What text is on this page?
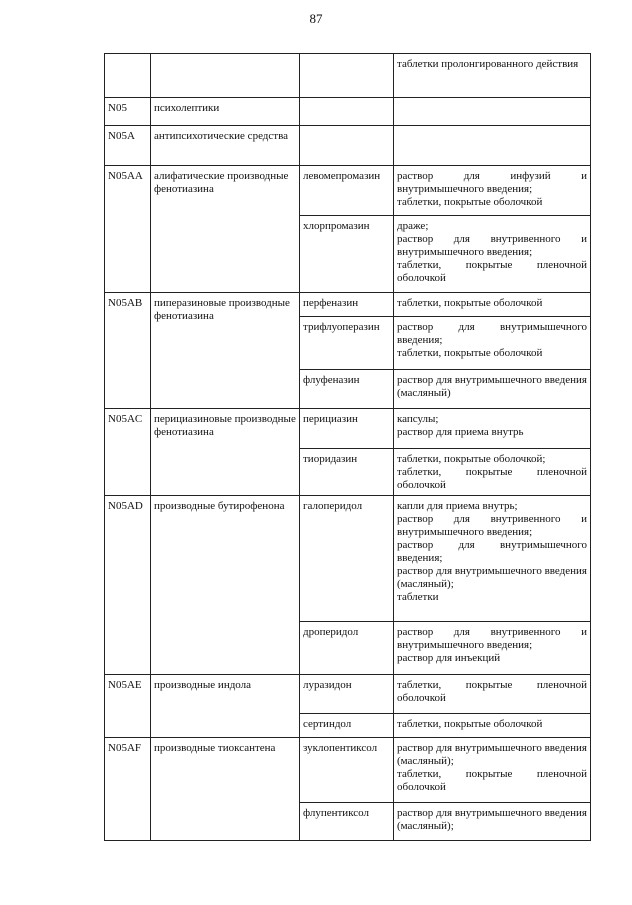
87

			таблетки пролонгированного действия

N05	психолептики		
N05A	антипсихотические средства		
N05AA	алифатические производные фенотиазина	левомепромазин	раствор для инфузий и внутримышечного введения;
таблетки, покрытые оболочкой

		хлорпромазин	драже;
раствор для внутривенного и внутримышечного введения;
таблетки, покрытые пленочной оболочкой

N05AB	пиперазиновые производные фенотиазина	перфеназин	таблетки, покрытые оболочкой

		трифлуоперазин	раствор для внутримышечного введения;
таблетки, покрытые оболочкой

		флуфеназин	раствор для внутримышечного введения (масляный)

N05AC	перициазиновые производные фенотиазина	перициазин	капсулы;
раствор для приема внутрь

		тиоридазин	таблетки, покрытые оболочкой;
таблетки, покрытые пленочной оболочкой

N05AD	производные бутирофенона	галоперидол	капли для приема внутрь;
раствор для внутривенного и внутримышечного введения;
раствор для внутримышечного введения;
раствор для внутримышечного введения (масляный);
таблетки

		дроперидол	раствор для внутривенного и внутримышечного введения;
раствор для инъекций

N05AE	производные индола	луразидон	таблетки, покрытые пленочной оболочкой

		сертиндол	таблетки, покрытые оболочкой

N05AF	производные тиоксантена	зуклопентиксол	раствор для внутримышечного введения (масляный);
таблетки, покрытые пленочной оболочкой

		флупентиксол	раствор для внутримышечного введения (масляный);
